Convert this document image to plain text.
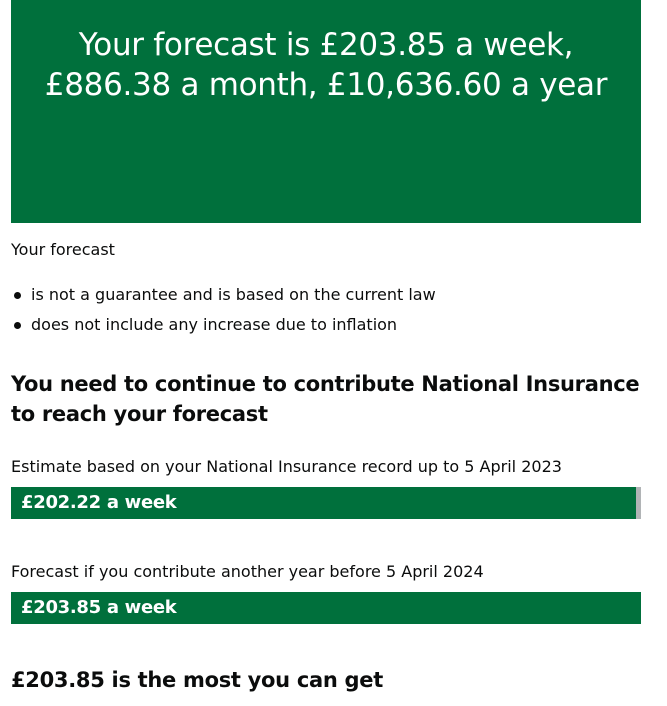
Your forecast is £203.85 a week, £886.38 a month, £10,636.60 a year

Your forecast

is not a guarantee and is based on the current law
does not include any increase due to inflation
You need to continue to contribute National Insurance to reach your forecast

Estimate based on your National Insurance record up to 5 April 2023

£202.22 a week

Forecast if you contribute another year before 5 April 2024

£203.85 a week
£203.85 is the most you can get
